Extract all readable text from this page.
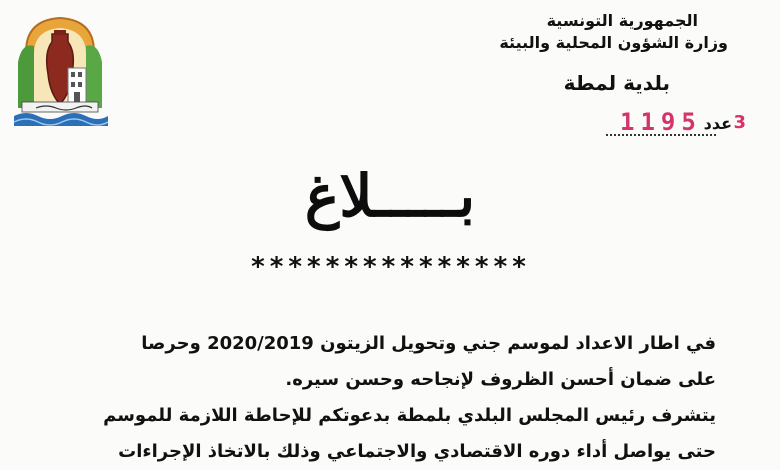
الجمهورية التونسية
وزارة الشؤون المحلية والبيئة
بلدية لمطة
1195 عدد 3
بـــــلاغ
***************

في اطار الاعداد لموسم جني وتحويل الزيتون 2020/2019 وحرصا

على ضمان أحسن الظروف لإنجاحه وحسن سيره.

يتشرف رئيس المجلس البلدي بلمطة بدعوتكم للإحاطة اللازمة للموسم

حتى يواصل أداء دوره الاقتصادي والاجتماعي وذلك بالاتخاذ الإجراءات
